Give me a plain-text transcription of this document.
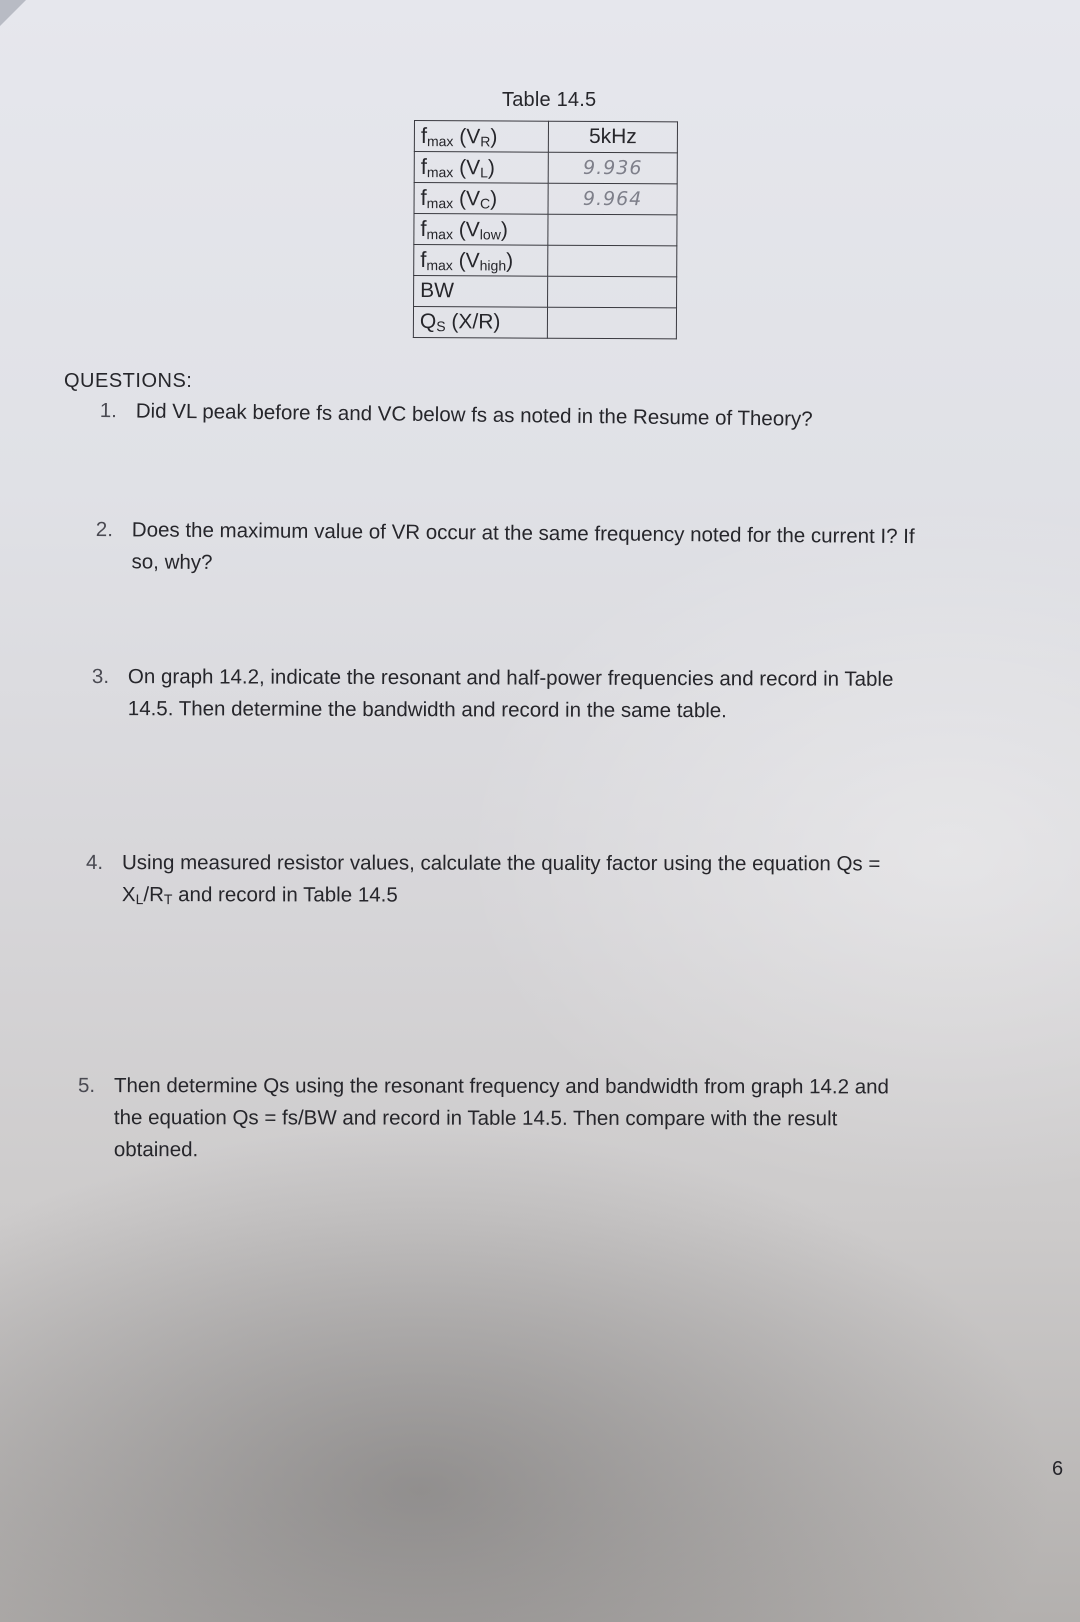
Table 14.5
$f_{max}$ $(V_R)$	5kHz
$f_{max}$ $(V_L)$	9.936
$f_{max}$ $(V_C)$	9.964
$f_{max}$ $(V_{low})$	
$f_{max}$ $(V_{high})$	
BW	
$Q_S$ (X/R)	
QUESTIONS:
1. Did VL peak before fs and VC below fs as noted in the Resume of Theory?
2. Does the maximum value of VR occur at the same frequency noted for the current I? If
so, why?
3. On graph 14.2, indicate the resonant and half-power frequencies and record in Table
14.5. Then determine the bandwidth and record in the same table.
4. Using measured resistor values, calculate the quality factor using the equation Qs =
$X_L/R_T$ and record in Table 14.5
5. Then determine Qs using the resonant frequency and bandwidth from graph 14.2 and
the equation Qs = fs/BW and record in Table 14.5. Then compare with the result
obtained.
6
